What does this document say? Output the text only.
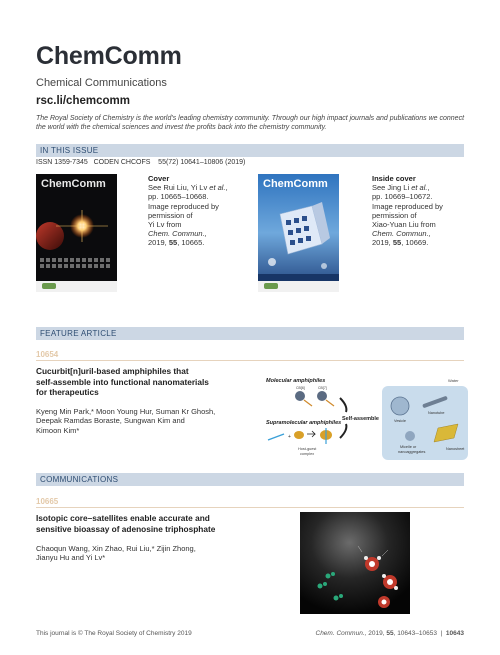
ChemComm
Chemical Communications
rsc.li/chemcomm
The Royal Society of Chemistry is the world's leading chemistry community. Through our high impact journals and publications we connect the world with the chemical sciences and invest the profits back into the chemistry community.
IN THIS ISSUE
ISSN 1359-7345 CODEN CHCOFS 55(72) 10641–10806 (2019)
ChemComm	Cover
See Rui Liu, Yi Lv et al.,
pp. 10665–10668.
Image reproduced by
permission of
Yi Lv from
Chem. Commun.,
2019, 55, 10665.
ChemComm	Inside cover
See Jing Li et al.,
pp. 10669–10672.
Image reproduced by
permission of
Xiao-Yuan Liu from
Chem. Commun.,
2019, 55, 10669.
FEATURE ARTICLE
10654
Cucurbit[n]uril-based amphiphiles that
self-assemble into functional nanomaterials
for therapeutics
Kyeng Min Park,* Moon Young Hur, Suman Kr Ghosh,
Deepak Ramdas Boraste, Sungwan Kim and
Kimoon Kim*
Molecular amphiphiles
CB[6]	CB[7]
Supramolecular amphiphiles
+
Host-guest
complex
Self-assemble
Water
Vesicle
Nanotube
Micelle or
nanoaggregates
Nanosheet
COMMUNICATIONS
10665
Isotopic core–satellites enable accurate and
sensitive bioassay of adenosine triphosphate
Chaoqun Wang, Xin Zhao, Rui Liu,* Zijin Zhong,
Jianyu Hu and Yi Lv*
This journal is © The Royal Society of Chemistry 2019	Chem. Commun., 2019, 55, 10643–10653 | 10643
